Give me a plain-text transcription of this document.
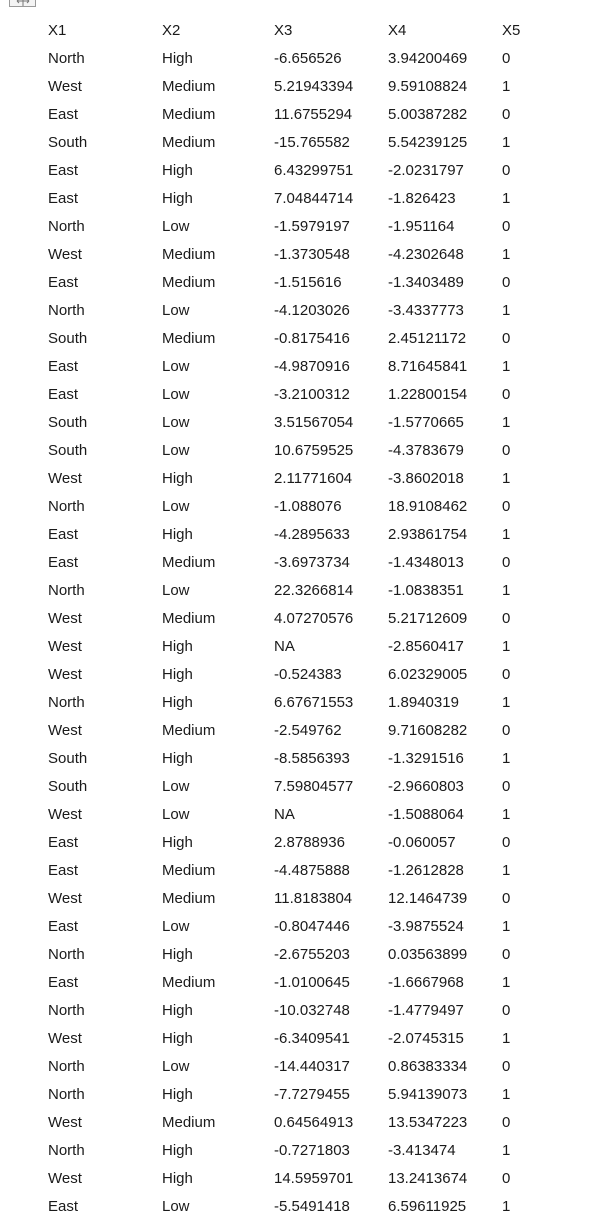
X1	X2	X3	X4	X5
North	High	-6.656526	3.94200469	0
West	Medium	5.21943394	9.59108824	1
East	Medium	11.6755294	5.00387282	0
South	Medium	-15.765582	5.54239125	1
East	High	6.43299751	-2.0231797	0
East	High	7.04844714	-1.826423	1
North	Low	-1.5979197	-1.951164	0
West	Medium	-1.3730548	-4.2302648	1
East	Medium	-1.515616	-1.3403489	0
North	Low	-4.1203026	-3.4337773	1
South	Medium	-0.8175416	2.45121172	0
East	Low	-4.9870916	8.71645841	1
East	Low	-3.2100312	1.22800154	0
South	Low	3.51567054	-1.5770665	1
South	Low	10.6759525	-4.3783679	0
West	High	2.11771604	-3.8602018	1
North	Low	-1.088076	18.9108462	0
East	High	-4.2895633	2.93861754	1
East	Medium	-3.6973734	-1.4348013	0
North	Low	22.3266814	-1.0838351	1
West	Medium	4.07270576	5.21712609	0
West	High	NA	-2.8560417	1
West	High	-0.524383	6.02329005	0
North	High	6.67671553	1.8940319	1
West	Medium	-2.549762	9.71608282	0
South	High	-8.5856393	-1.3291516	1
South	Low	7.59804577	-2.9660803	0
West	Low	NA	-1.5088064	1
East	High	2.8788936	-0.060057	0
East	Medium	-4.4875888	-1.2612828	1
West	Medium	11.8183804	12.1464739	0
East	Low	-0.8047446	-3.9875524	1
North	High	-2.6755203	0.03563899	0
East	Medium	-1.0100645	-1.6667968	1
North	High	-10.032748	-1.4779497	0
West	High	-6.3409541	-2.0745315	1
North	Low	-14.440317	0.86383334	0
North	High	-7.7279455	5.94139073	1
West	Medium	0.64564913	13.5347223	0
North	High	-0.7271803	-3.413474	1
West	High	14.5959701	13.2413674	0
East	Low	-5.5491418	6.59611925	1
